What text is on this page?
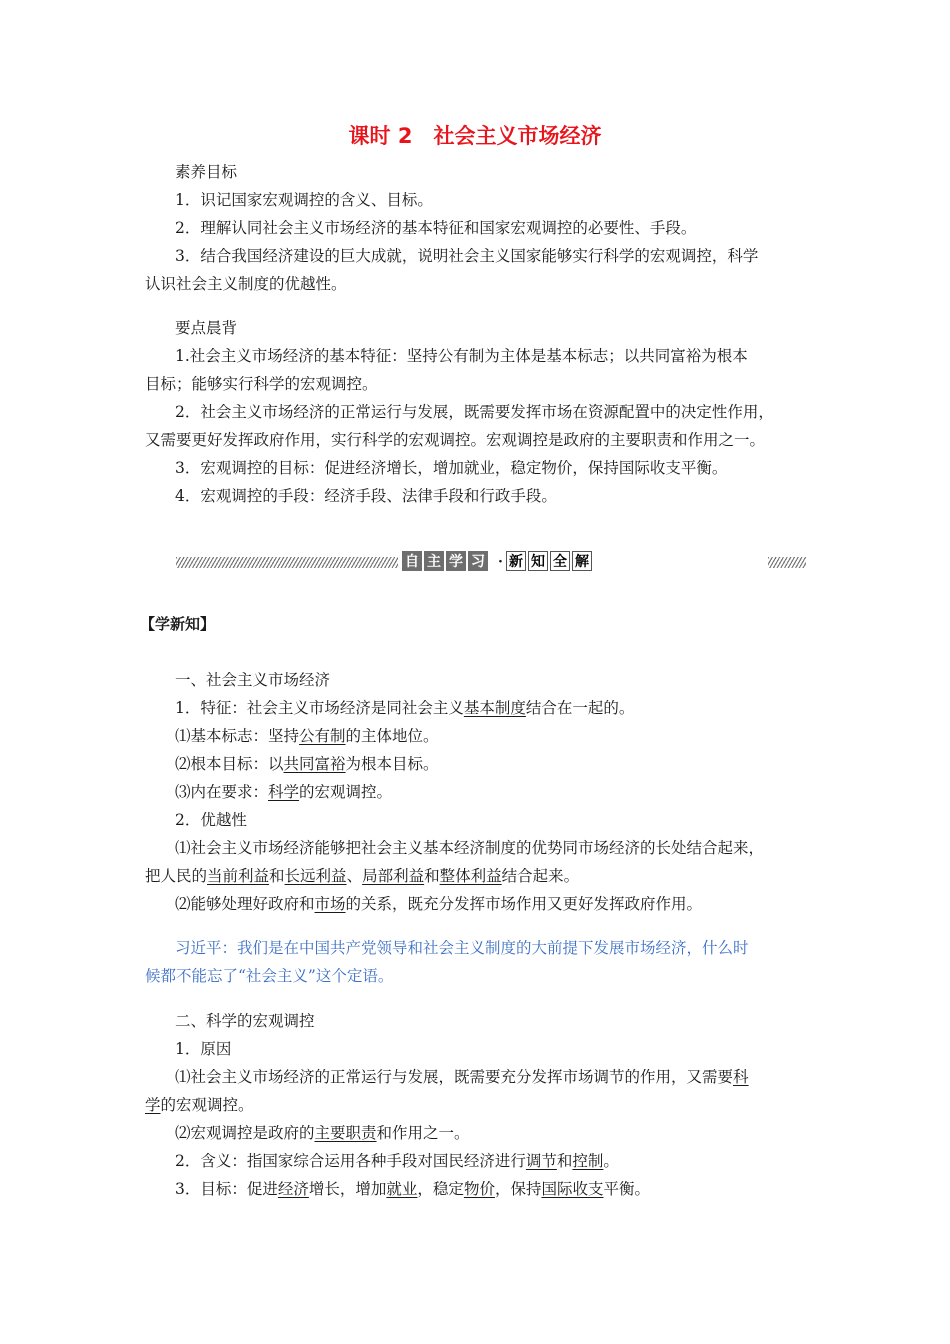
课时 2　社会主义市场经济
素养目标
1．识记国家宏观调控的含义、目标。
2．理解认同社会主义市场经济的基本特征和国家宏观调控的必要性、手段。
3．结合我国经济建设的巨大成就，说明社会主义国家能够实行科学的宏观调控，科学
认识社会主义制度的优越性。
要点晨背
1.社会主义市场经济的基本特征：坚持公有制为主体是基本标志；以共同富裕为根本
目标；能够实行科学的宏观调控。
2．社会主义市场经济的正常运行与发展，既需要发挥市场在资源配置中的决定性作用，
又需要更好发挥政府作用，实行科学的宏观调控。宏观调控是政府的主要职责和作用之一。
3．宏观调控的目标：促进经济增长，增加就业，稳定物价，保持国际收支平衡。
4．宏观调控的手段：经济手段、法律手段和行政手段。
自 主 学 习 · 新 知 全 解
【学新知】
一、社会主义市场经济
1．特征：社会主义市场经济是同社会主义基本制度结合在一起的。
⑴基本标志：坚持公有制的主体地位。
⑵根本目标：以共同富裕为根本目标。
⑶内在要求：科学的宏观调控。
2．优越性
⑴社会主义市场经济能够把社会主义基本经济制度的优势同市场经济的长处结合起来，
把人民的当前利益和长远利益、局部利益和整体利益结合起来。
⑵能够处理好政府和市场的关系，既充分发挥市场作用又更好发挥政府作用。
习近平：我们是在中国共产党领导和社会主义制度的大前提下发展市场经济，什么时
候都不能忘了“社会主义”这个定语。
二、科学的宏观调控
1．原因
⑴社会主义市场经济的正常运行与发展，既需要充分发挥市场调节的作用，又需要科
学的宏观调控。
⑵宏观调控是政府的主要职责和作用之一。
2．含义：指国家综合运用各种手段对国民经济进行调节和控制。
3．目标：促进经济增长，增加就业，稳定物价，保持国际收支平衡。
